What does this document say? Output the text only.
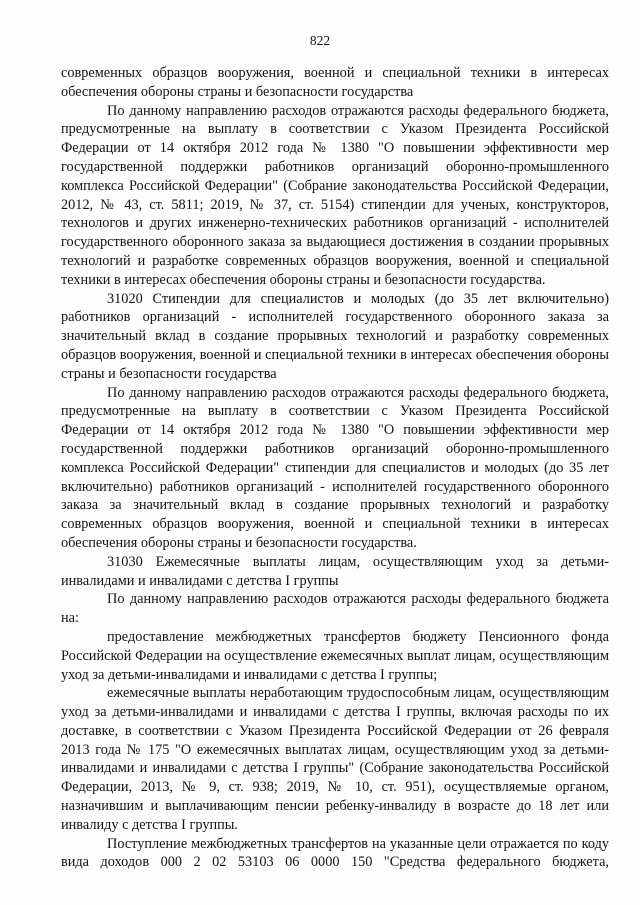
822

современных образцов вооружения, военной и специальной техники в интересах обеспечения обороны страны и безопасности государства

По данному направлению расходов отражаются расходы федерального бюджета, предусмотренные на выплату в соответствии с Указом Президента Российской Федерации от 14 октября 2012 года № 1380 "О повышении эффективности мер государственной поддержки работников организаций оборонно-промышленного комплекса Российской Федерации" (Собрание законодательства Российской Федерации, 2012, № 43, ст. 5811; 2019, № 37, ст. 5154) стипендии для ученых, конструкторов, технологов и других инженерно-технических работников организаций - исполнителей государственного оборонного заказа за выдающиеся достижения в создании прорывных технологий и разработке современных образцов вооружения, военной и специальной техники в интересах обеспечения обороны страны и безопасности государства.

31020 Стипендии для специалистов и молодых (до 35 лет включительно) работников организаций - исполнителей государственного оборонного заказа за значительный вклад в создание прорывных технологий и разработку современных образцов вооружения, военной и специальной техники в интересах обеспечения обороны страны и безопасности государства

По данному направлению расходов отражаются расходы федерального бюджета, предусмотренные на выплату в соответствии с Указом Президента Российской Федерации от 14 октября 2012 года № 1380 "О повышении эффективности мер государственной поддержки работников организаций оборонно-промышленного комплекса Российской Федерации" стипендии для специалистов и молодых (до 35 лет включительно) работников организаций - исполнителей государственного оборонного заказа за значительный вклад в создание прорывных технологий и разработку современных образцов вооружения, военной и специальной техники в интересах обеспечения обороны страны и безопасности государства.

31030 Ежемесячные выплаты лицам, осуществляющим уход за детьми-инвалидами и инвалидами с детства I группы

По данному направлению расходов отражаются расходы федерального бюджета на:

предоставление межбюджетных трансфертов бюджету Пенсионного фонда Российской Федерации на осуществление ежемесячных выплат лицам, осуществляющим уход за детьми-инвалидами и инвалидами с детства I группы;

ежемесячные выплаты неработающим трудоспособным лицам, осуществляющим уход за детьми-инвалидами и инвалидами с детства I группы, включая расходы по их доставке, в соответствии с Указом Президента Российской Федерации от 26 февраля 2013 года № 175 "О ежемесячных выплатах лицам, осуществляющим уход за детьми-инвалидами и инвалидами с детства I группы" (Собрание законодательства Российской Федерации, 2013, № 9, ст. 938; 2019, № 10, ст. 951), осуществляемые органом, назначившим и выплачивающим пенсии ребенку-инвалиду в возрасте до 18 лет или инвалиду с детства I группы.

Поступление межбюджетных трансфертов на указанные цели отражается по коду вида доходов 000 2 02 53103 06 0000 150 "Средства федерального бюджета,
